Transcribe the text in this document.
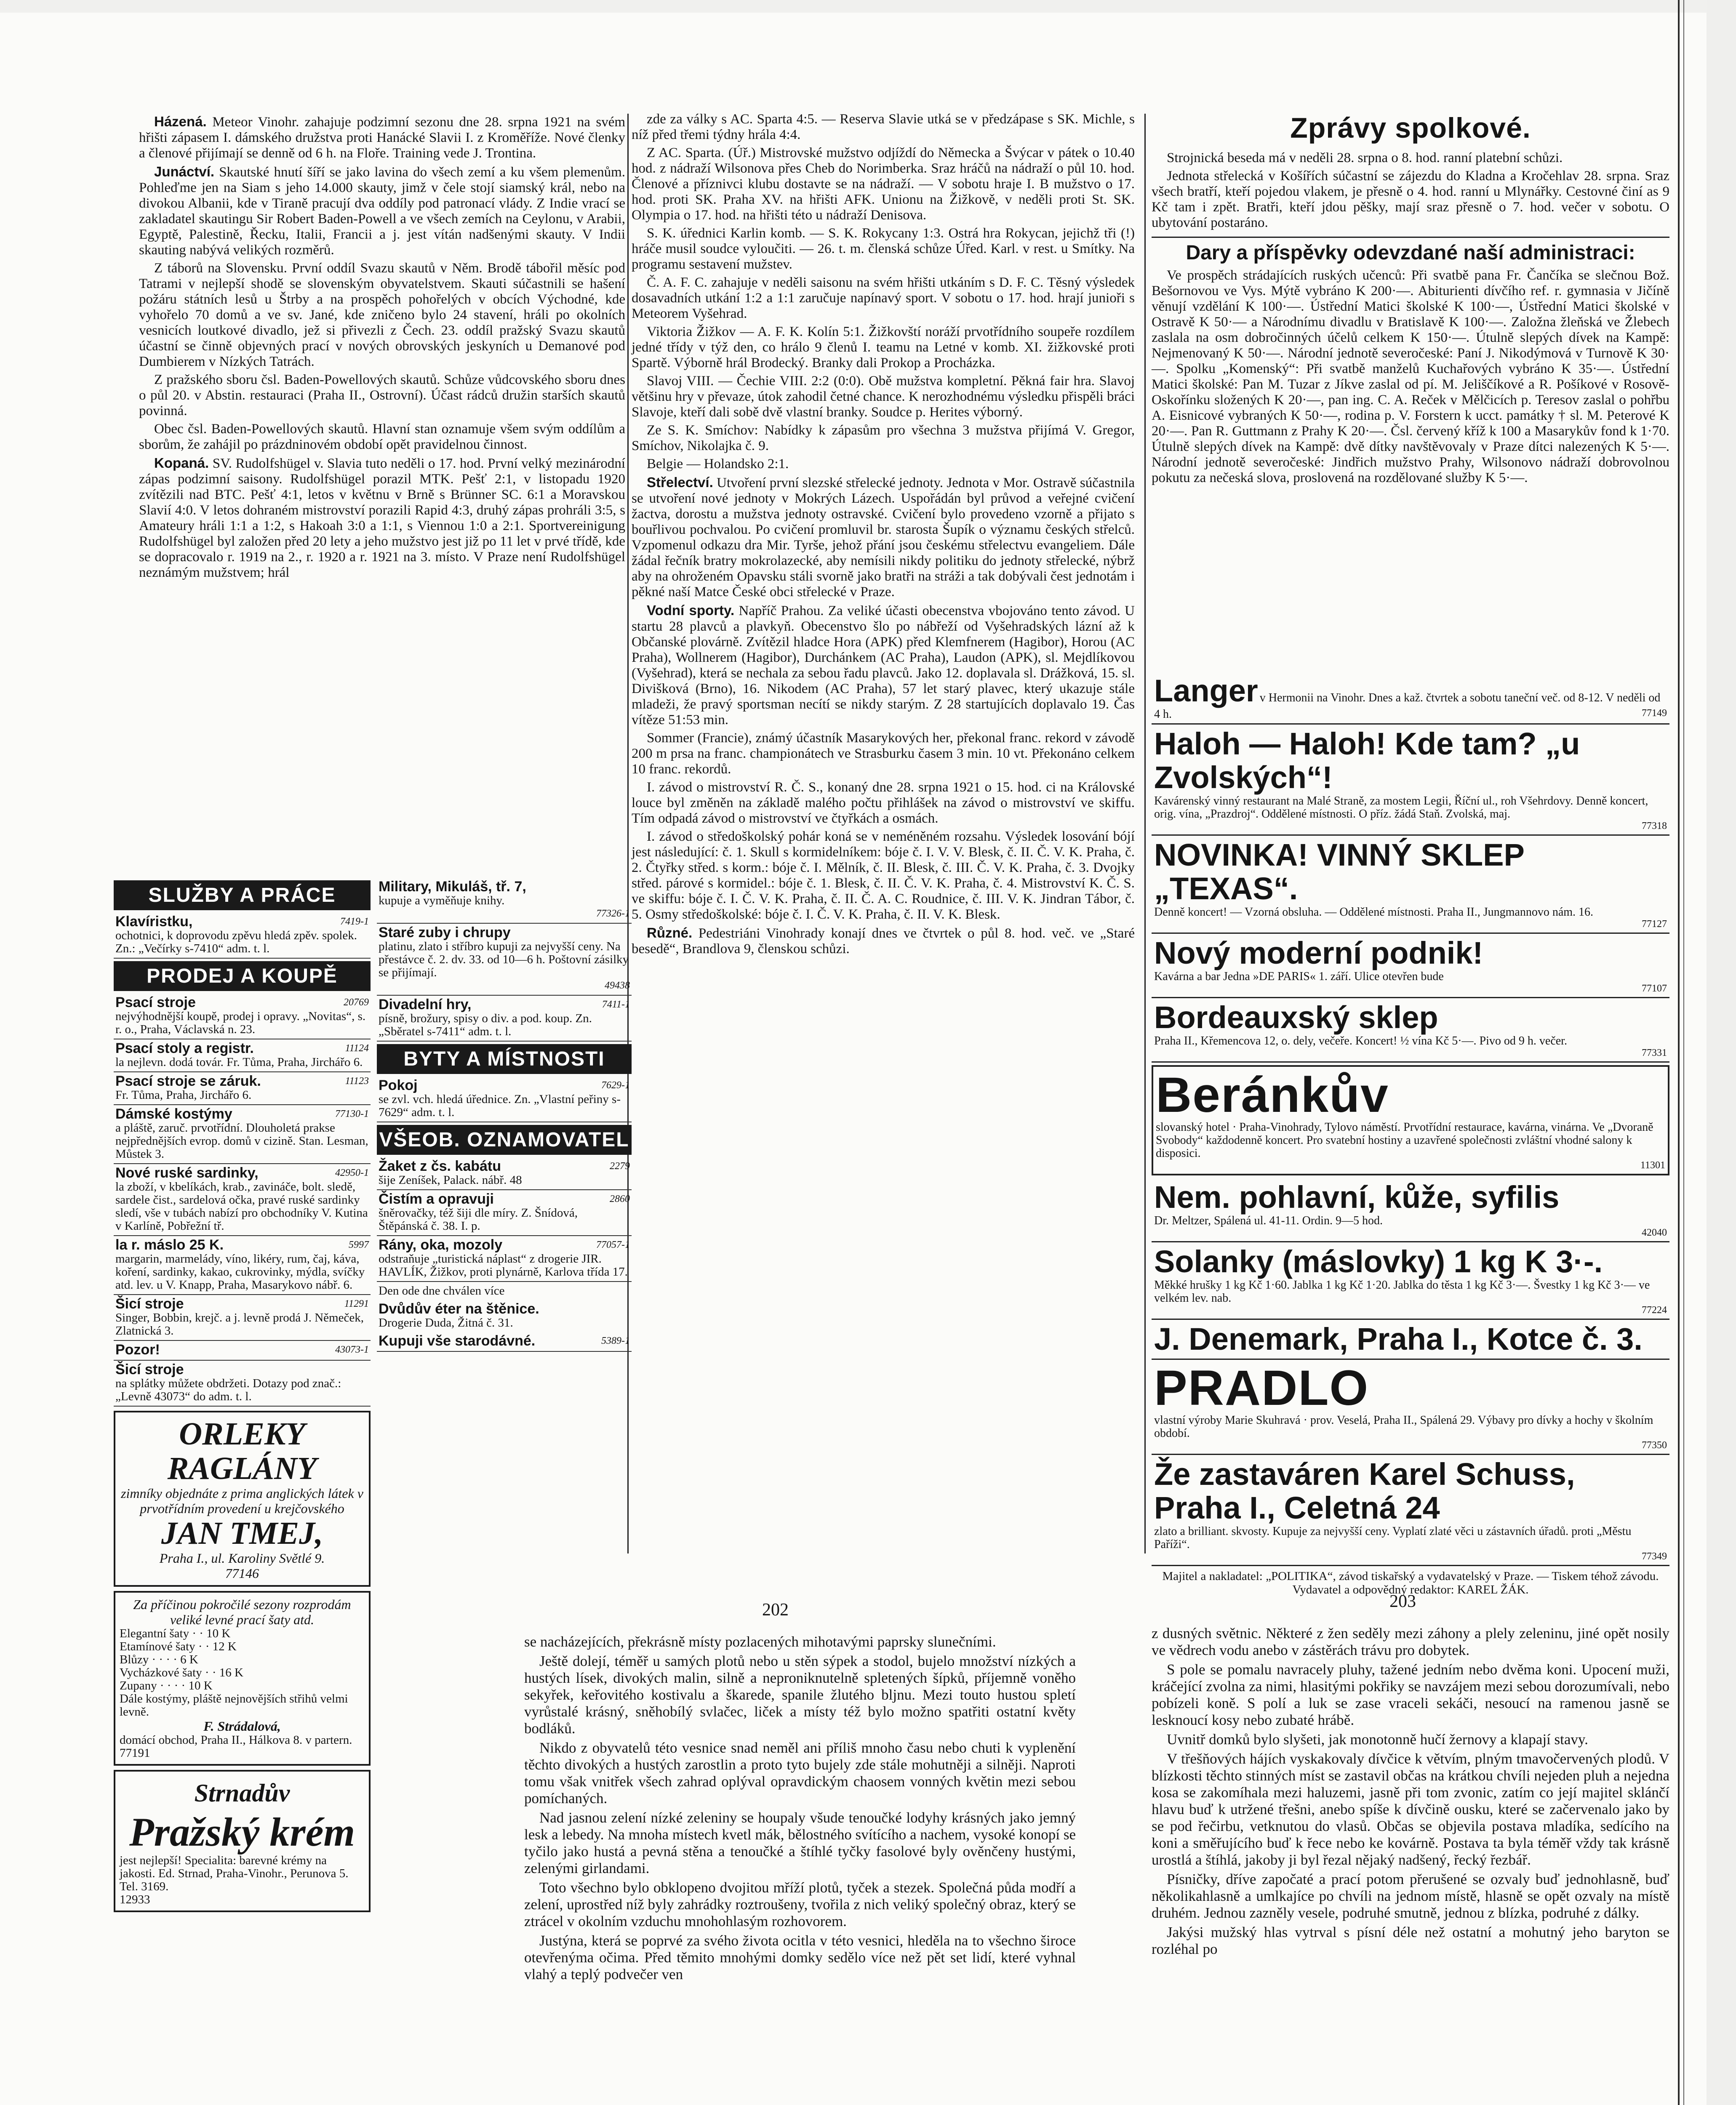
Házená. Meteor Vinohr. zahajuje podzimní sezonu dne 28. srpna 1921 na svém hřišti zápasem I. dámského družstva proti Hanácké Slavii I. z Kroměříže. Nové členky a členové přijímají se denně od 6 h. na Floře. Training vede J. Trontina.

Junáctví. Skautské hnutí šíří se jako lavina do všech zemí a ku všem plemenům. Pohleďme jen na Siam s jeho 14.000 skauty, jimž v čele stojí siamský král, nebo na divokou Albanii, kde v Tiraně pracují dva oddíly pod patronací vlády. Z Indie vrací se zakladatel skautingu Sir Robert Baden-Powell a ve všech zemích na Ceylonu, v Arabii, Egyptě, Palestině, Řecku, Italii, Francii a j. jest vítán nadšenými skauty. V Indii skauting nabývá velikých rozměrů.

Z táborů na Slovensku. První oddíl Svazu skautů v Něm. Brodě tábořil měsíc pod Tatrami v nejlepší shodě se slovenským obyvatelstvem. Skauti súčastnili se hašení požáru státních lesů u Štrby a na prospěch pohořelých v obcích Východné, kde vyhořelo 70 domů a ve sv. Jané, kde zničeno bylo 24 stavení, hráli po okolních vesnicích loutkové divadlo, jež si přivezli z Čech. 23. oddíl pražský Svazu skautů účastní se činně objevných prací v nových obrovských jeskyních u Demanové pod Dumbierem v Nízkých Tatrách.

Z pražského sboru čsl. Baden-Powellových skautů. Schůze vůdcovského sboru dnes o půl 20. v Abstin. restauraci (Praha II., Ostrovní). Účast rádců družin starších skautů povinná.

Obec čsl. Baden-Powellových skautů. Hlavní stan oznamuje všem svým oddílům a sborům, že zahájil po prázdninovém období opět pravidelnou činnost.

Kopaná. SV. Rudolfshügel v. Slavia tuto neděli o 17. hod. První velký mezinárodní zápas podzimní saisony. Rudolfshügel porazil MTK. Pešť 2:1, v listopadu 1920 zvítězili nad BTC. Pešť 4:1, letos v květnu v Brně s Brünner SC. 6:1 a Moravskou Slavií 4:0. V letos dohraném mistrovství porazili Rapid 4:3, druhý zápas prohráli 3:5, s Amateury hráli 1:1 a 1:2, s Hakoah 3:0 a 1:1, s Viennou 1:0 a 2:1. Sportvereinigung Rudolfshügel byl založen před 20 lety a jeho mužstvo jest již po 11 let v prvé třídě, kde se dopracovalo r. 1919 na 2., r. 1920 a r. 1921 na 3. místo. V Praze není Rudolfshügel neznámým mužstvem; hrál

zde za války s AC. Sparta 4:5. — Reserva Slavie utká se v předzápase s SK. Michle, s níž před třemi týdny hrála 4:4.

Z AC. Sparta. (Úř.) Mistrovské mužstvo odjíždí do Německa a Švýcar v pátek o 10.40 hod. z nádraží Wilsonova přes Cheb do Norimberka. Sraz hráčů na nádraží o půl 10. hod. Členové a příznivci klubu dostavte se na nádraží. — V sobotu hraje I. B mužstvo o 17. hod. proti SK. Praha XV. na hřišti AFK. Unionu na Žižkově, v neděli proti St. SK. Olympia o 17. hod. na hřišti této u nádraží Denisova.

S. K. úřednici Karlin komb. — S. K. Rokycany 1:3. Ostrá hra Rokycan, jejichž tři (!) hráče musil soudce vyloučiti. — 26. t. m. členská schůze Úřed. Karl. v rest. u Smítky. Na programu sestavení mužstev.

Č. A. F. C. zahajuje v neděli saisonu na svém hřišti utkáním s D. F. C. Těsný výsledek dosavadních utkání 1:2 a 1:1 zaručuje napínavý sport. V sobotu o 17. hod. hrají junioři s Meteorem Vyšehrad.

Viktoria Žižkov — A. F. K. Kolín 5:1. Žižkovští noráží prvotřídního soupeře rozdílem jedné třídy v týž den, co hrálo 9 členů I. teamu na Letné v komb. XI. žižkovské proti Spartě. Výborně hrál Brodecký. Branky dali Prokop a Procházka.

Slavoj VIII. — Čechie VIII. 2:2 (0:0). Obě mužstva kompletní. Pěkná fair hra. Slavoj většinu hry v převaze, útok zahodil četné chance. K nerozhodnému výsledku přispěli bráci Slavoje, kteří dali sobě dvě vlastní branky. Soudce p. Herites výborný.

Ze S. K. Smíchov: Nabídky k zápasům pro všechna 3 mužstva přijímá V. Gregor, Smíchov, Nikolajka č. 9.

Belgie — Holandsko 2:1.

Střelectví. Utvoření první slezské střelecké jednoty. Jednota v Mor. Ostravě súčastnila se utvoření nové jednoty v Mokrých Lázech. Uspořádán byl průvod a veřejné cvičení žactva, dorostu a mužstva jednoty ostravské. Cvičení bylo provedeno vzorně a přijato s bouřlivou pochvalou. Po cvičení promluvil br. starosta Šupík o významu českých střelců. Vzpomenul odkazu dra Mir. Tyrše, jehož přání jsou českému střelectvu evangeliem. Dále žádal řečník bratry mokrolazecké, aby nemísili nikdy politiku do jednoty střelecké, nýbrž aby na ohroženém Opavsku stáli svorně jako bratři na stráži a tak dobývali čest jednotám i pěkné naší Matce České obci střelecké v Praze.

Vodní sporty. Napříč Prahou. Za veliké účasti obecenstva vbojováno tento závod. U startu 28 plavců a plavkyň. Obecenstvo šlo po nábřeží od Vyšehradských lázní až k Občanské plovárně. Zvítězil hladce Hora (APK) před Klemfnerem (Hagibor), Horou (AC Praha), Wollnerem (Hagibor), Durchánkem (AC Praha), Laudon (APK), sl. Mejdlíkovou (Vyšehrad), která se nechala za sebou řadu plavců. Jako 12. doplavala sl. Drážková, 15. sl. Divišková (Brno), 16. Nikodem (AC Praha), 57 let starý plavec, který ukazuje stále mladeži, že pravý sportsman necítí se nikdy starým. Z 28 startujících doplavalo 19. Čas vítěze 51:53 min.

Sommer (Francie), známý účastník Masarykových her, překonal franc. rekord v závodě 200 m prsa na franc. championátech ve Strasburku časem 3 min. 10 vt. Překonáno celkem 10 franc. rekordů.

I. závod o mistrovství R. Č. S., konaný dne 28. srpna 1921 o 15. hod. ci na Královské louce byl změněn na základě malého počtu přihlášek na závod o mistrovství ve skiffu. Tím odpadá závod o mistrovství ve čtyřkách a osmách.

I. závod o středoškolský pohár koná se v neméněném rozsahu. Výsledek losování bójí jest následující: č. 1. Skull s kormidelníkem: bóje č. I. V. V. Blesk, č. II. Č. V. K. Praha, č. 2. Čtyřky střed. s korm.: bóje č. I. Mělník, č. II. Blesk, č. III. Č. V. K. Praha, č. 3. Dvojky střed. párové s kormidel.: bóje č. 1. Blesk, č. II. Č. V. K. Praha, č. 4. Mistrovství K. Č. S. ve skiffu: bóje č. I. Č. V. K. Praha, č. II. Č. A. C. Roudnice, č. III. V. K. Jindran Tábor, č. 5. Osmy středoškolské: bóje č. I. Č. V. K. Praha, č. II. V. K. Blesk.

Různé. Pedestriáni Vinohrady konají dnes ve čtvrtek o půl 8. hod. več. ve „Staré besedě“, Brandlova 9, členskou schůzi.

Zprávy spolkové.

Strojnická beseda má v neděli 28. srpna o 8. hod. ranní platební schůzi.

Jednota střelecká v Košířích súčastní se zájezdu do Kladna a Kročehlav 28. srpna. Sraz všech bratří, kteří pojedou vlakem, je přesně o 4. hod. ranní u Mlynářky. Cestovné činí as 9 Kč tam i zpět. Bratři, kteří jdou pěšky, mají sraz přesně o 7. hod. večer v sobotu. O ubytování postaráno.

Dary a příspěvky odevzdané naší administraci:

Ve prospěch strádajících ruských učenců: Při svatbě pana Fr. Čančíka se slečnou Bož. Bešornovou ve Vys. Mýtě vybráno K 200·—. Abiturienti dívčího ref. r. gymnasia v Jičíně věnují vzdělání K 100·—. Ústřední Matici školské K 100·—, Ústřední Matici školské v Ostravě K 50·— a Národnímu divadlu v Bratislavě K 100·—. Založna žleňská ve Žlebech zaslala na osm dobročinných účelů celkem K 150·—. Útulně slepých dívek na Kampě: Nejmenovaný K 50·—. Národní jednotě severočeské: Paní J. Nikodýmová v Turnově K 30·—. Spolku „Komenský“: Při svatbě manželů Kuchařových vybráno K 35·—. Ústřední Matici školské: Pan M. Tuzar z Jíkve zaslal od pí. M. Jeliščíkové a R. Pošíkové v Rosově-Oskořínku složených K 20·—, pan ing. C. A. Reček v Mělčicích p. Teresov zaslal o pohřbu A. Eisnicové vybraných K 50·—, rodina p. V. Forstern k ucct. památky † sl. M. Peterové K 20·—. Pan R. Guttmann z Prahy K 20·—. Čsl. červený kříž k 100 a Masarykův fond k 1·70. Útulně slepých dívek na Kampě: dvě dítky navštěvovaly v Praze dítci nalezených K 5·—. Národní jednotě severočeské: Jindřich mužstvo Prahy, Wilsonovo nádraží dobrovolnou pokutu za nečeská slova, proslovená na rozdělované služby K 5·—.

Langer v Hermonii na Vinohr. Dnes a kaž. čtvrtek a sobotu taneční več. od 8-12. V neděli od 4 h.	77149
Haloh — Haloh! Kde tam? „u Zvolských“!
Kavárenský vinný restaurant na Malé Straně, za mostem Legii, Říční ul., roh Všehrdovy. Denně koncert, orig. vína, „Prazdroj“. Oddělené místnosti. O příz. žádá Staň. Zvolská, maj.
77318
NOVINKA! VINNÝ SKLEP „TEXAS“.
Denně koncert! — Vzorná obsluha. — Oddělené místnosti. Praha II., Jungmannovo nám. 16.
77127
Nový moderní podnik!
Kavárna a bar Jedna »DE PARIS« 1. září. Ulice otevřen bude
77107
Bordeauxský sklep
Praha II., Křemencova 12, o. dely, večeře. Koncert! ½ vína Kč 5·—. Pivo od 9 h. večer.
77331
Beránkův
slovanský hotel · Praha-Vinohrady, Tylovo náměstí. Prvotřídní restaurace, kavárna, vinárna. Ve „Dvoraně Svobody“ každodenně koncert. Pro svatební hostiny a uzavřené společnosti zvláštní vhodné salony k disposici.
11301
Nem. pohlavní, kůže, syfilis
Dr. Meltzer, Spálená ul. 41-11. Ordin. 9—5 hod.
42040
Solanky (máslovky) 1 kg K 3·-.
Měkké hrušky 1 kg Kč 1·60. Jablka 1 kg Kč 1·20. Jablka do těsta 1 kg Kč 3·—. Švestky 1 kg Kč 3·— ve velkém lev. nab.
77224
J. Denemark, Praha I., Kotce č. 3.
PRADLO
vlastní výroby Marie Skuhravá · prov. Veselá, Praha II., Spálená 29. Výbavy pro dívky a hochy v školním období.
77350
Že zastaváren Karel Schuss, Praha I., Celetná 24
zlato a brilliant. skvosty. Kupuje za nejvyšší ceny. Vyplatí zlaté věci u zástavních úřadů. proti „Městu Paříži“.
77349
Majitel a nakladatel: „POLITIKA“, závod tiskařský a vydavatelský v Praze. — Tiskem téhož závodu. Vydavatel a odpovědný redaktor: KAREL ŽÁK.
SLUŽBY A PRÁCE
Klavíristku,	7419-1
ochotnici, k doprovodu zpěvu hledá zpěv. spolek. Zn.: „Večírky s-7410“ adm. t. l.
PRODEJ A KOUPĚ
Psací stroje	20769
nejvýhodnější koupě, prodej i opravy. „Novitas“, s. r. o., Praha, Václavská n. 23.
Psací stoly a registr.	11124
la nejlevn. dodá továr. Fr. Tůma, Praha, Jirchářo 6.
Psací stroje se záruk.	11123
Fr. Tůma, Praha, Jirchářo 6.
Dámské kostýmy	77130-1
a pláště, zaruč. prvotřídní. Dlouholetá prakse nejpřednějších evrop. domů v cizině. Stan. Lesman, Můstek 3.
Nové ruské sardinky,	42950-1
la zboží, v kbelíkách, krab., zavináče, bolt. sledě, sardele čist., sardelová očka, pravé ruské sardinky sledí, vše v tubách nabízí pro obchodníky V. Kutina v Karlíně, Pobřežní tř.
la r. máslo 25 K.	5997
margarin, marmelády, víno, likéry, rum, čaj, káva, koření, sardinky, kakao, cukrovinky, mýdla, svíčky atd. lev. u V. Knapp, Praha, Masarykovo nábř. 6.
Šicí stroje	11291
Singer, Bobbin, krejč. a j. levně prodá J. Němeček, Zlatnická 3.
Pozor!	43073-1
Šicí stroje
na splátky můžete obdržeti. Dotazy pod znač.: „Levně 43073“ do adm. t. l.
ORLEKY RAGLÁNY
zimníky objednáte z prima anglických látek v prvotřídním provedení u krejčovského
JAN TMEJ,
Praha I., ul. Karoliny Světlé 9.
77146
Za příčinou pokročilé sezony rozprodám veliké levné prací šaty atd.
Elegantní šaty · · 10 K
Etamínové šaty · · 12 K
Blůzy · · · · 6 K
Vycházkové šaty · · 16 K
Zupany · · · · 10 K
Dále kostýmy, pláště nejnovějších střihů velmi levně.
F. Strádalová,
domácí obchod, Praha II., Hálkova 8. v partern.
77191
Strnadův
Pražský krém
jest nejlepší! Specialita: barevné krémy na jakosti. Ed. Strnad, Praha-Vinohr., Perunova 5. Tel. 3169.
12933
Military, Mikuláš, tř. 7,
kupuje a vyměňuje knihy.
77326-1
Staré zuby i chrupy
platinu, zlato i stříbro kupuji za nejvyšší ceny. Na přestávce č. 2. dv. 33. od 10—6 h. Poštovní zásilky se přijímají.
49438
Divadelní hry,	7411-1
písně, brožury, spisy o div. a pod. koup. Zn. „Sběratel s-7411“ adm. t. l.
BYTY A MÍSTNOSTI
Pokoj	7629-1
se zvl. vch. hledá úřednice. Zn. „Vlastní peřiny s-7629“ adm. t. l.
VŠEOB. OZNAMOVATEL
Žaket z čs. kabátu	2279
šije Zeníšek, Palack. nábř. 48
Čistím a opravuji	2860
šněrovačky, též šiji dle míry. Z. Šnídová, Štěpánská č. 38. I. p.
Rány, oka, mozoly	77057-1
odstraňuje „turistická náplast“ z drogerie JIR. HAVLÍK, Žižkov, proti plynárně, Karlova třída 17.
Den ode dne chválen více
Dvůdův éter na štěnice.
Drogerie Duda, Žitná č. 31.
Kupuji vše starodávné.	5389-1
202	203

se nacházejících, překrásně místy pozlacených mihotavými paprsky slunečními.

Ještě dolejí, téměř u samých plotů nebo u stěn sýpek a stodol, bujelo množství nízkých a hustých lísek, divokých malin, silně a neproniknutelně spletených šípků, příjemně voněho sekyřek, keřovitého kostivalu a škarede, spanile žlutého bljnu. Mezi touto hustou spletí vyrůstalé krásný, sněhobílý svlačec, liček a místy též bylo možno spatřiti ostatní květy bodláků.

Nikdo z obyvatelů této vesnice snad neměl ani příliš mnoho času nebo chuti k vyplenění těchto divokých a hustých zarostlin a proto tyto bujely zde stále mohutněji a silněji. Naproti tomu však vnitřek všech zahrad oplýval opravdickým chaosem vonných květin mezi sebou pomíchaných.

Nad jasnou zelení nízké zeleniny se houpaly všude tenoučké lodyhy krásných jako jemný lesk a lebedy. Na mnoha místech kvetl mák, bělostného svítícího a nachem, vysoké konopí se tyčilo jako hustá a pevná stěna a tenoučké a štíhlé tyčky fasolové byly ověnčeny hustými, zelenými girlandami.

Toto všechno bylo obklopeno dvojitou mříží plotů, tyček a stezek. Společná půda modří a zelení, uprostřed níž byly zahrádky roztroušeny, tvořila z nich veliký společný obraz, který se ztrácel v okolním vzduchu mnohohlasým rozhovorem.

Justýna, která se poprvé za svého života ocitla v této vesnici, hleděla na to všechno široce otevřenýma očima. Před těmito mnohými domky sedělo více než pět set lidí, které vyhnal vlahý a teplý podvečer ven

z dusných světnic. Některé z žen seděly mezi záhony a plely zeleninu, jiné opět nosily ve vědrech vodu anebo v zástěrách trávu pro dobytek.

S pole se pomalu navracely pluhy, tažené jedním nebo dvěma koni. Upocení muži, kráčející zvolna za nimi, hlasitými pokřiky se navzájem mezi sebou dorozumívali, nebo pobízeli koně. S polí a luk se zase vraceli sekáči, nesoucí na ramenou jasně se lesknoucí kosy nebo zubaté hrábě.

Uvnitř domků bylo slyšeti, jak monotonně hučí žernovy a klapají stavy.

V třešňových hájích vyskakovaly dívčice k větvím, plným tmavočervených plodů. V blízkosti těchto stinných míst se zastavil občas na krátkou chvíli nejeden pluh a nejedna kosa se zakomíhala mezi haluzemi, jasně při tom zvonic, zatím co její majitel sklánčí hlavu buď k utržené třešni, anebo spíše k dívčině ousku, které se začervenalo jako by se pod řečirbu, vetknutou do vlasů. Občas se objevila postava mladíka, sedícího na koni a směřujícího buď k řece nebo ke kovárně. Postava ta byla téměř vždy tak krásně urostlá a štíhlá, jakoby ji byl řezal nějaký nadšený, řecký řezbář.

Písničky, dříve započaté a prací potom přerušené se ozvaly buď jednohlasně, buď několikahlasně a umlkajíce po chvíli na jednom místě, hlasně se opět ozvaly na místě druhém. Jednou zazněly vesele, podruhé smutně, jednou z blízka, podruhé z dálky.

Jakýsi mužský hlas vytrval s písní déle než ostatní a mohutný jeho baryton se rozléhal po
